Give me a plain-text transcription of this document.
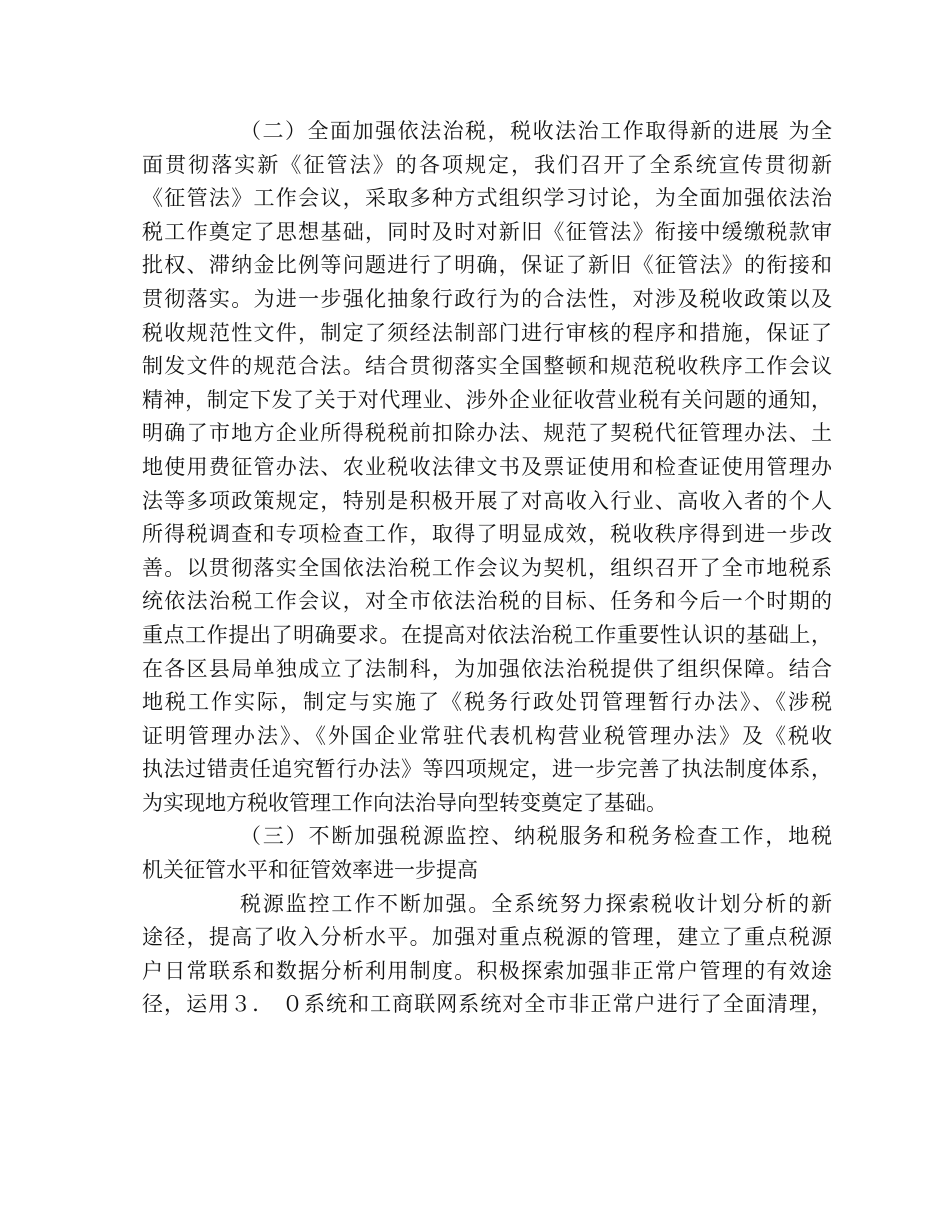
（二）全面加强依法治税，税收法治工作取得新的进展 为全
面贯彻落实新《征管法》的各项规定，我们召开了全系统宣传贯彻新
《征管法》工作会议，采取多种方式组织学习讨论，为全面加强依法治
税工作奠定了思想基础，同时及时对新旧《征管法》衔接中缓缴税款审
批权、滞纳金比例等问题进行了明确，保证了新旧《征管法》的衔接和
贯彻落实。为进一步强化抽象行政行为的合法性，对涉及税收政策以及
税收规范性文件，制定了须经法制部门进行审核的程序和措施，保证了
制发文件的规范合法。结合贯彻落实全国整顿和规范税收秩序工作会议
精神，制定下发了关于对代理业、涉外企业征收营业税有关问题的通知，
明确了市地方企业所得税税前扣除办法、规范了契税代征管理办法、土
地使用费征管办法、农业税收法律文书及票证使用和检查证使用管理办
法等多项政策规定，特别是积极开展了对高收入行业、高收入者的个人
所得税调查和专项检查工作，取得了明显成效，税收秩序得到进一步改
善。以贯彻落实全国依法治税工作会议为契机，组织召开了全市地税系
统依法治税工作会议，对全市依法治税的目标、任务和今后一个时期的
重点工作提出了明确要求。在提高对依法治税工作重要性认识的基础上，
在各区县局单独成立了法制科，为加强依法治税提供了组织保障。结合
地税工作实际，制定与实施了《税务行政处罚管理暂行办法》、《涉税
证明管理办法》、《外国企业常驻代表机构营业税管理办法》及《税收
执法过错责任追究暂行办法》等四项规定，进一步完善了执法制度体系，
为实现地方税收管理工作向法治导向型转变奠定了基础。
（三）不断加强税源监控、纳税服务和税务检查工作，地税
机关征管水平和征管效率进一步提高
税源监控工作不断加强。全系统努力探索税收计划分析的新
途径，提高了收入分析水平。加强对重点税源的管理，建立了重点税源
户日常联系和数据分析利用制度。积极探索加强非正常户管理的有效途
径，运用３． ０系统和工商联网系统对全市非正常户进行了全面清理，
